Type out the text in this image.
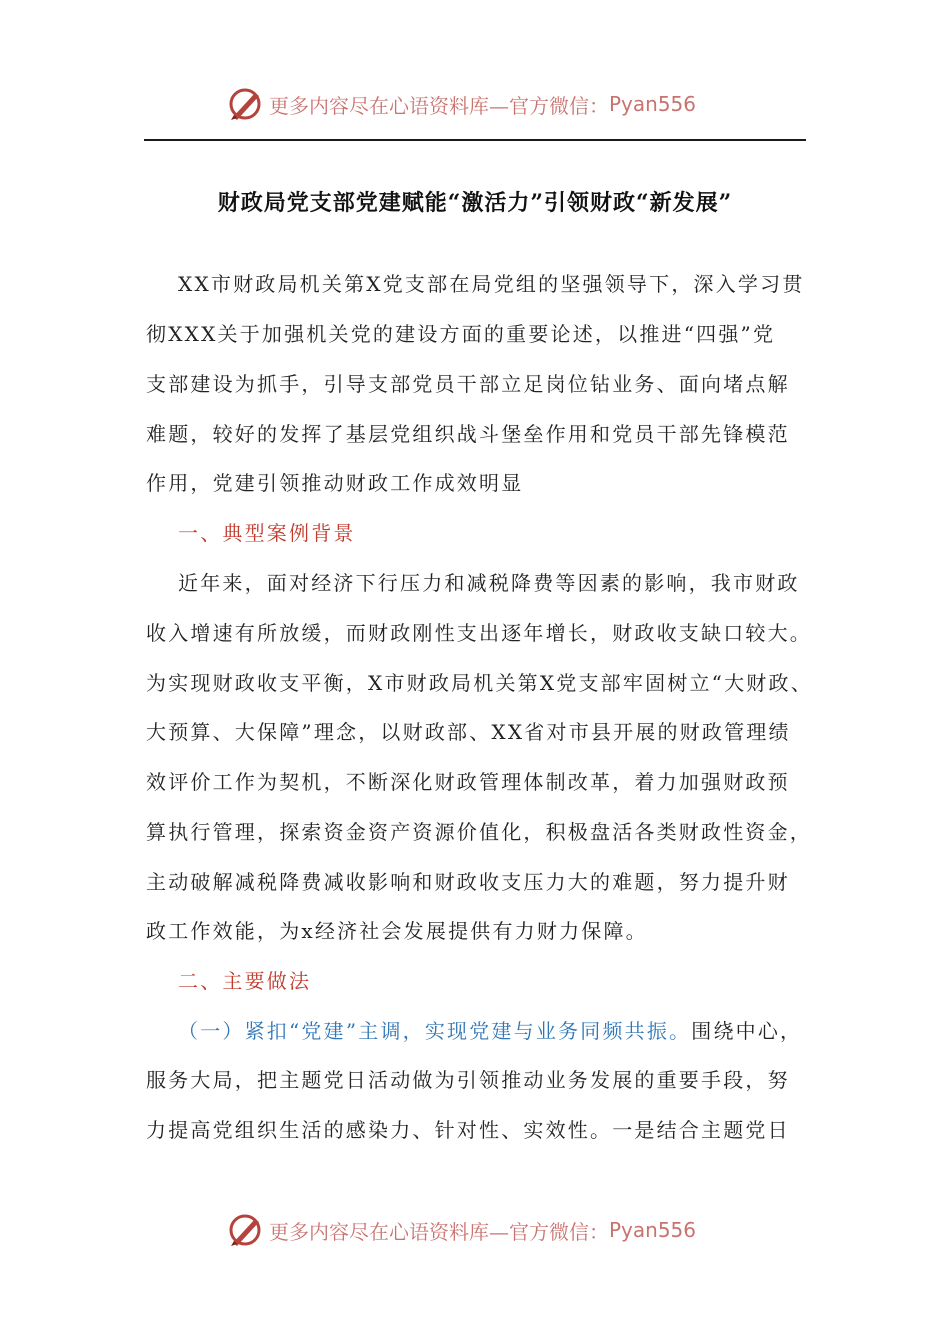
更多内容尽在心语资料库—官方微信： Pyan556
财政局党支部党建赋能“激活力”引领财政“新发展”
XX市财政局机关第X党支部在局党组的坚强领导下，深入学习贯
彻XXX关于加强机关党的建设方面的重要论述，以推进“四强”党
支部建设为抓手，引导支部党员干部立足岗位钻业务、面向堵点解
难题，较好的发挥了基层党组织战斗堡垒作用和党员干部先锋模范
作用，党建引领推动财政工作成效明显
一、典型案例背景
近年来，面对经济下行压力和减税降费等因素的影响，我市财政
收入增速有所放缓，而财政刚性支出逐年增长，财政收支缺口较大。
为实现财政收支平衡，X市财政局机关第X党支部牢固树立“大财政、
大预算、大保障”理念，以财政部、XX省对市县开展的财政管理绩
效评价工作为契机，不断深化财政管理体制改革，着力加强财政预
算执行管理，探索资金资产资源价值化，积极盘活各类财政性资金，
主动破解减税降费减收影响和财政收支压力大的难题，努力提升财
政工作效能，为x经济社会发展提供有力财力保障。
二、主要做法
（一）紧扣“党建”主调，实现党建与业务同频共振。围绕中心，
服务大局，把主题党日活动做为引领推动业务发展的重要手段，努
力提高党组织生活的感染力、针对性、实效性。一是结合主题党日
更多内容尽在心语资料库—官方微信： Pyan556
